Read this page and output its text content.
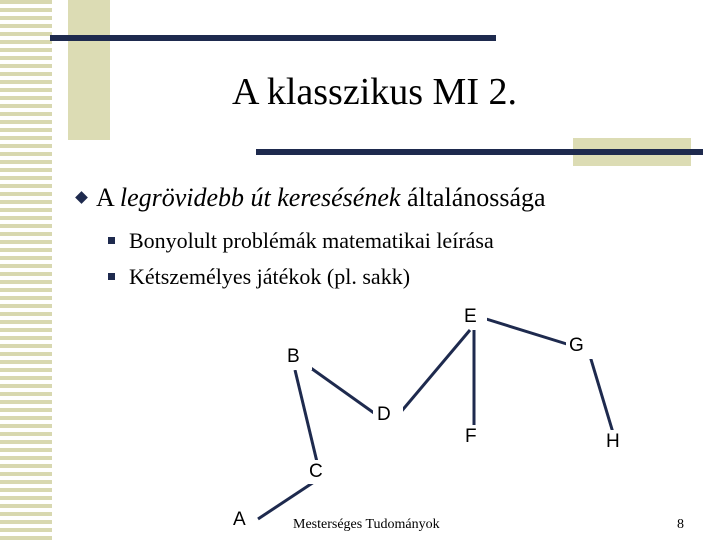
A klasszikus MI 2.
A legrövidebb út keresésének általánossága
Bonyolult problémák matematikai leírása
Kétszemélyes játékok (pl. sakk)
E
G
B
D
F	H
C
A	Mesterséges Tudományok	8
